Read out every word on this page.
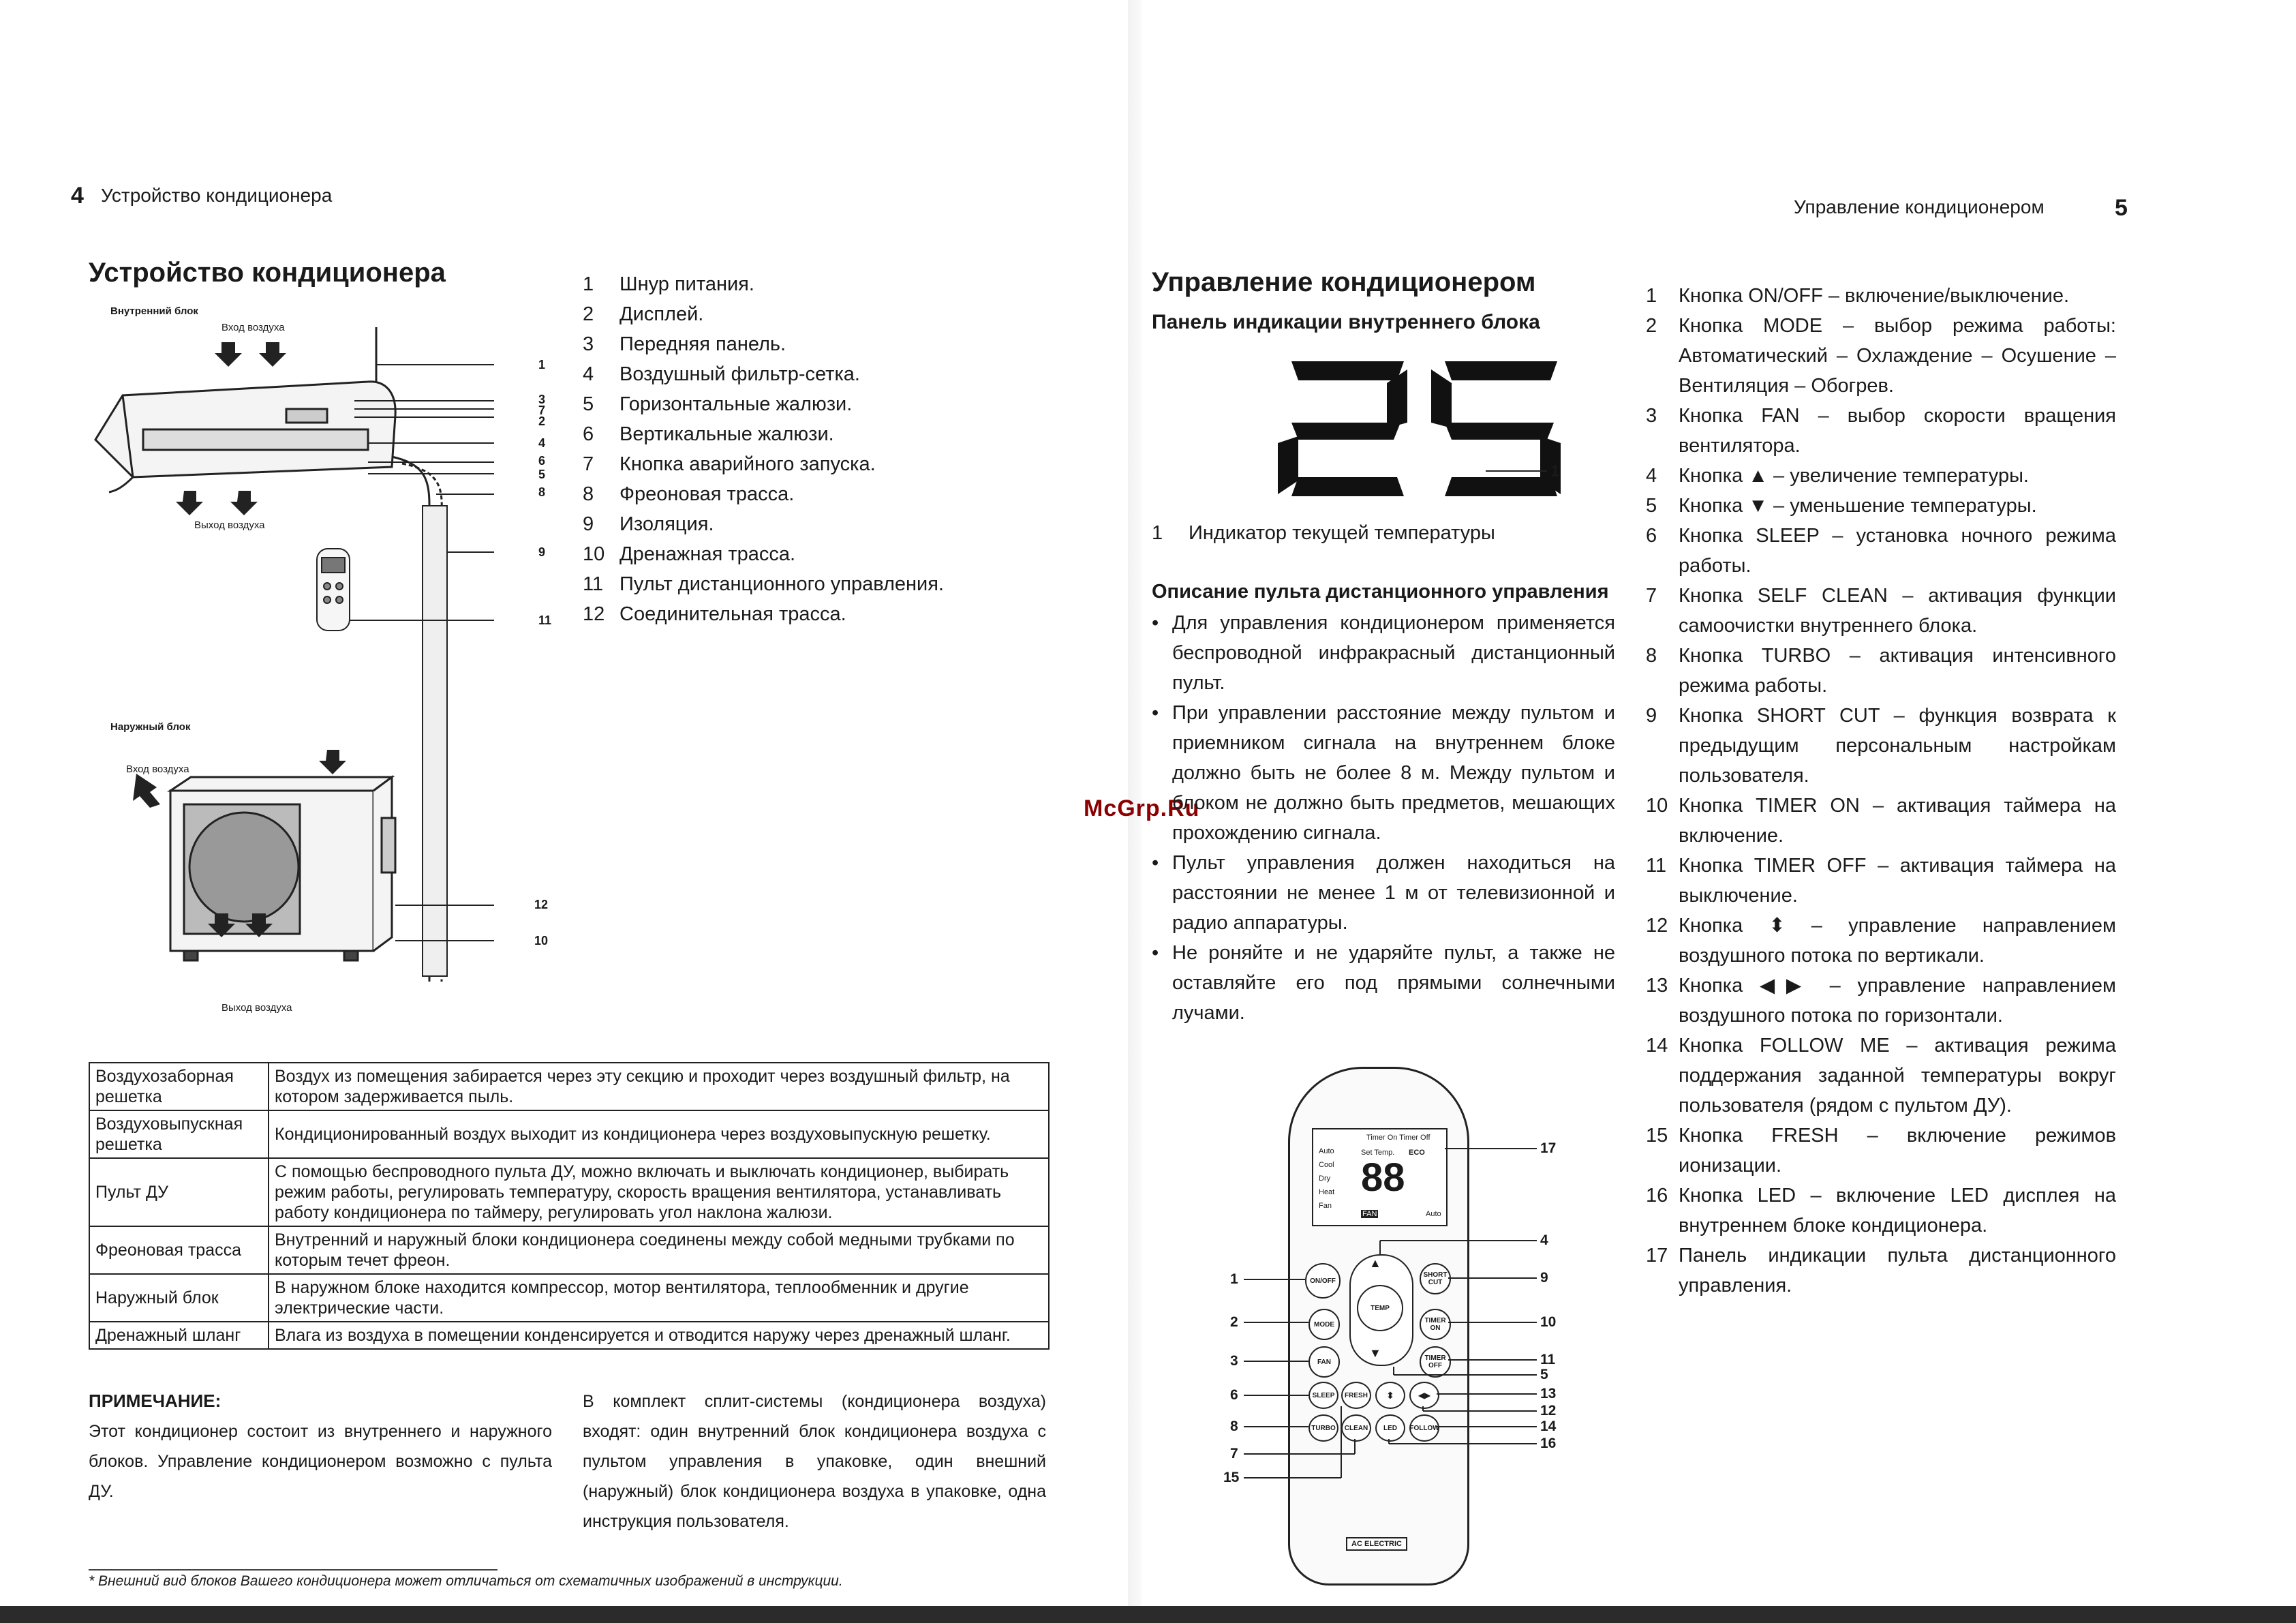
4 Устройство кондиционера
Устройство кондиционера
Внутренний блок
Вход воздуха
Выход воздуха
Наружный блок
Вход воздуха
Выход воздуха
1
3
7
2
4
6
5
8
9
11
12
10
1	Шнур питания.
2	Дисплей.
3	Передняя панель.
4	Воздушный фильтр-сетка.
5	Горизонтальные жалюзи.
6	Вертикальные жалюзи.
7	Кнопка аварийного запуска.
8	Фреоновая трасса.
9	Изоляция.
10 Дренажная трасса.
11 Пульт дистанционного управления.
12 Соединительная трасса.
Воздухозаборная решетка	Воздух из помещения забирается через эту секцию и проходит через воздушный фильтр, на котором задерживается пыль.
Воздуховыпускная решетка	Кондиционированный воздух выходит из кондиционера через воздуховыпускную решетку.
Пульт ДУ	С помощью беспроводного пульта ДУ, можно включать и выключать кондиционер, выбирать режим работы, регулировать температуру, скорость вращения вентилятора, устанавливать работу кондиционера по таймеру, регулировать угол наклона жалюзи.
Фреоновая трасса	Внутренний и наружный блоки кондиционера соединены между собой медными трубками по которым течет фреон.
Наружный блок	В наружном блоке находится компрессор, мотор вентилятора, теплообменник и другие электрические части.
Дренажный шланг	Влага из воздуха в помещении конденсируется и отводится наружу через дренажный шланг.
ПРИМЕЧАНИЕ:
Этот кондиционер состоит из внутреннего и наружного блоков. Управление кондиционером возможно с пульта ДУ.
В комплект сплит-системы (кондиционера воздуха) входят: один внутренний блок кондиционера воздуха с пультом управления в упаковке, один внешний (наружный) блок кондиционера воздуха в упаковке, одна инструкция пользователя.
* Внешний вид блоков Вашего кондиционера может отличаться от схематичных изображений в инструкции.
McGrp.Ru
Управление кондиционером	5
Управление кондиционером
Панель индикации внутреннего блока
1
1	Индикатор текущей температуры
Описание пульта дистанционного управления
• Для управления кондиционером применяется беспроводной инфракрасный дистанционный пульт.
• При управлении расстояние между пультом и приемником сигнала на внутреннем блоке должно быть не более 8 м. Между пультом и блоком не должно быть предметов, мешающих прохождению сигнала.
• Пульт управления должен находиться на расстоянии не менее 1 м от телевизионной и радио аппаратуры.
• Не роняйте и не ударяйте пульт, а также не оставляйте его под прямыми солнечными лучами.
Auto
Cool
Dry
Heat
Fan
Timer On Timer Off
Set Temp. ECO
88
FAN	Auto
▲
▼
TEMP
ON/OFF
MODE
FAN
SHORT CUT
TIMER ON
TIMER OFF
SLEEP	FRESH	⬍	◀▶
TURBO	CLEAN	LED	FOLLOW
AC ELECTRIC
1
2
3
6
8
7
15
17
4
9
10
11
5
13
12
14
16
1	Кнопка ON/OFF – включение/выключение.
2	Кнопка MODE – выбор режима работы: Автоматический – Охлаждение – Осушение – Вентиляция – Обогрев.
3	Кнопка FAN – выбор скорости вращения вентилятора.
4	Кнопка ▲ – увеличение температуры.
5	Кнопка ▼ – уменьшение температуры.
6	Кнопка SLEEP – установка ночного режима работы.
7	Кнопка SELF CLEAN – активация функции самоочистки внутреннего блока.
8	Кнопка TURBO – активация интенсивного режима работы.
9	Кнопка SHORT CUT – функция возврата к предыдущим персональным настройкам пользователя.
10 Кнопка TIMER ON – активация таймера на включение.
11 Кнопка TIMER OFF – активация таймера на выключение.
12 Кнопка ⬍ – управление направлением воздушного потока по вертикали.
13 Кнопка ◀▶ – управление направлением воздушного потока по горизонтали.
14 Кнопка FOLLOW ME – активация режима поддержания заданной температуры вокруг пользователя (рядом с пультом ДУ).
15 Кнопка FRESH – включение режимов ионизации.
16 Кнопка LED – включение LED дисплея на внутреннем блоке кондиционера.
17 Панель индикации пульта дистанционного управления.
